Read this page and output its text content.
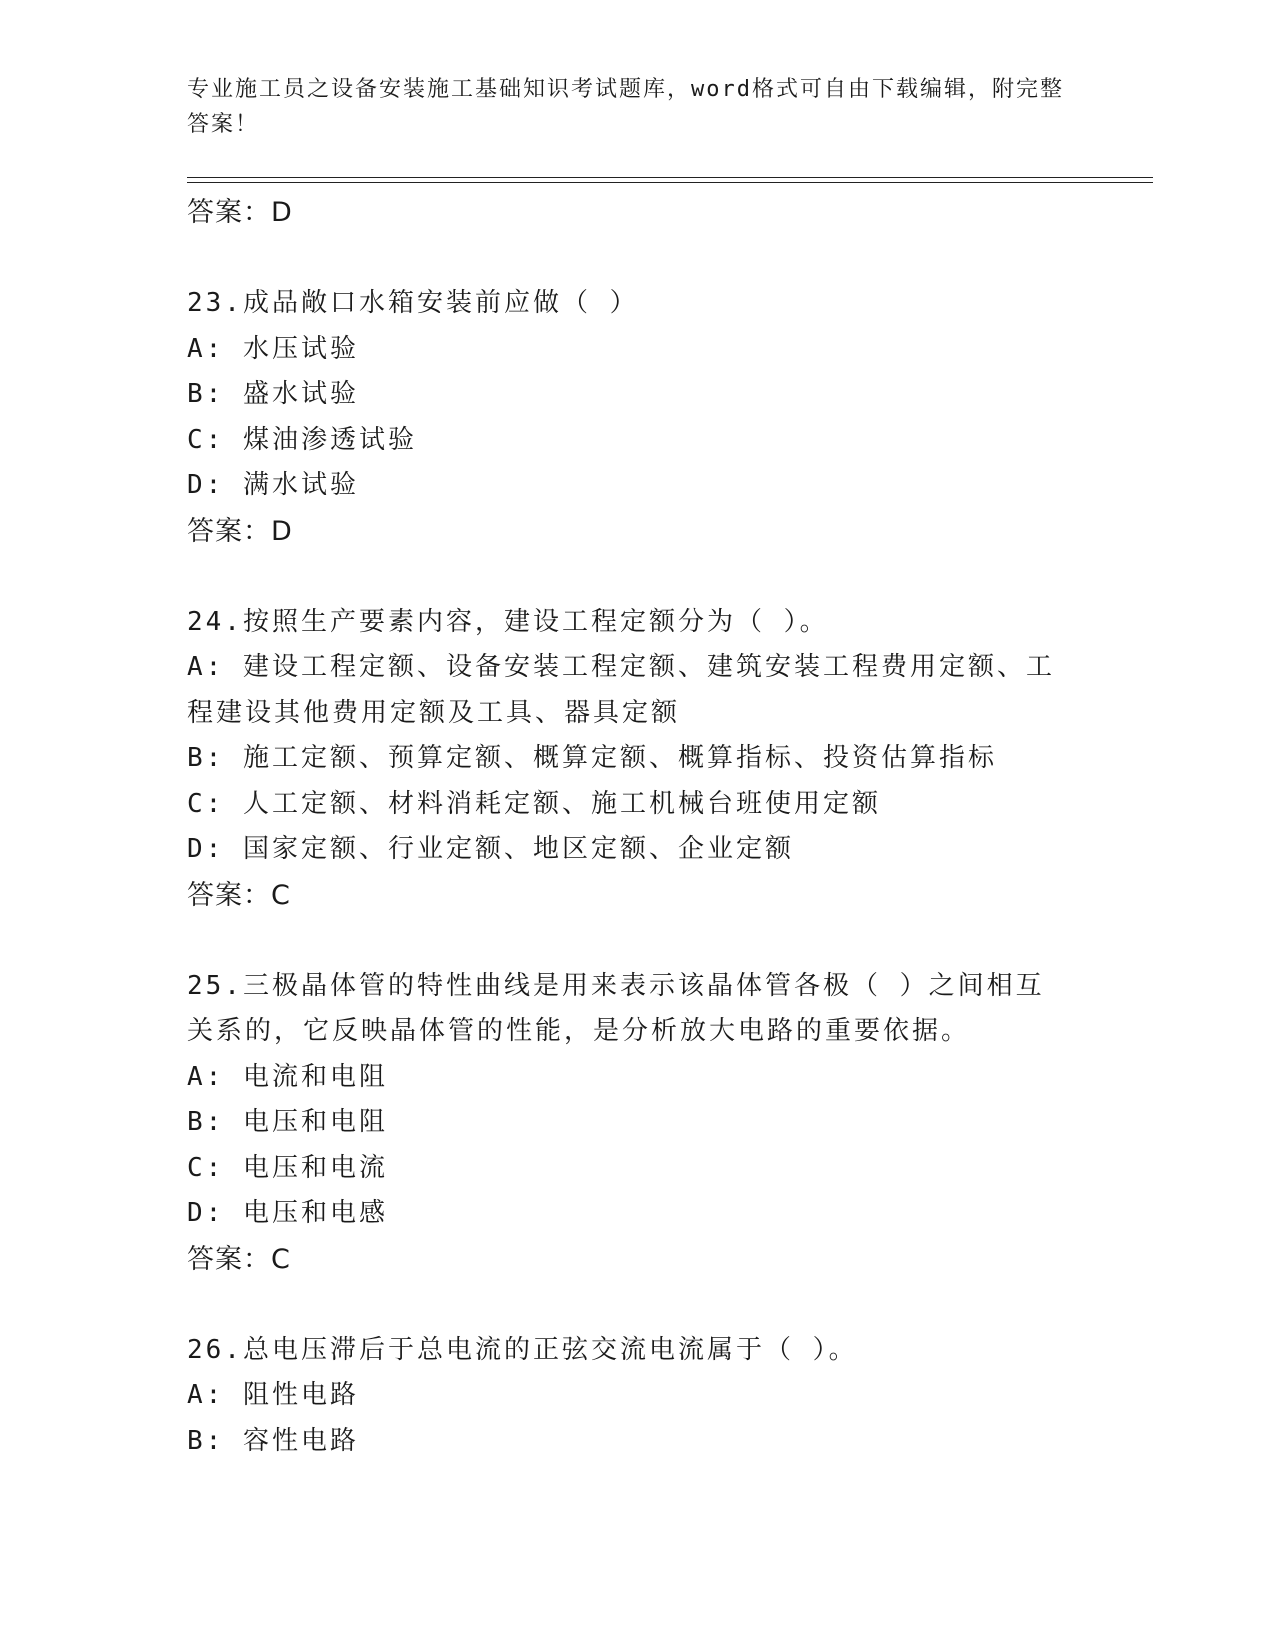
专业施工员之设备安装施工基础知识考试题库，word格式可自由下载编辑，附完整答案！
答案：D
23.成品敞口水箱安装前应做（ ）
A: 水压试验
B: 盛水试验
C: 煤油渗透试验
D: 满水试验
答案：D
24.按照生产要素内容，建设工程定额分为（ ）。
A: 建设工程定额、设备安装工程定额、建筑安装工程费用定额、工程建设其他费用定额及工具、器具定额
B: 施工定额、预算定额、概算定额、概算指标、投资估算指标
C: 人工定额、材料消耗定额、施工机械台班使用定额
D: 国家定额、行业定额、地区定额、企业定额
答案：C
25.三极晶体管的特性曲线是用来表示该晶体管各极（ ）之间相互关系的，它反映晶体管的性能，是分析放大电路的重要依据。
A: 电流和电阻
B: 电压和电阻
C: 电压和电流
D: 电压和电感
答案：C
26.总电压滞后于总电流的正弦交流电流属于（ ）。
A: 阻性电路
B: 容性电路
